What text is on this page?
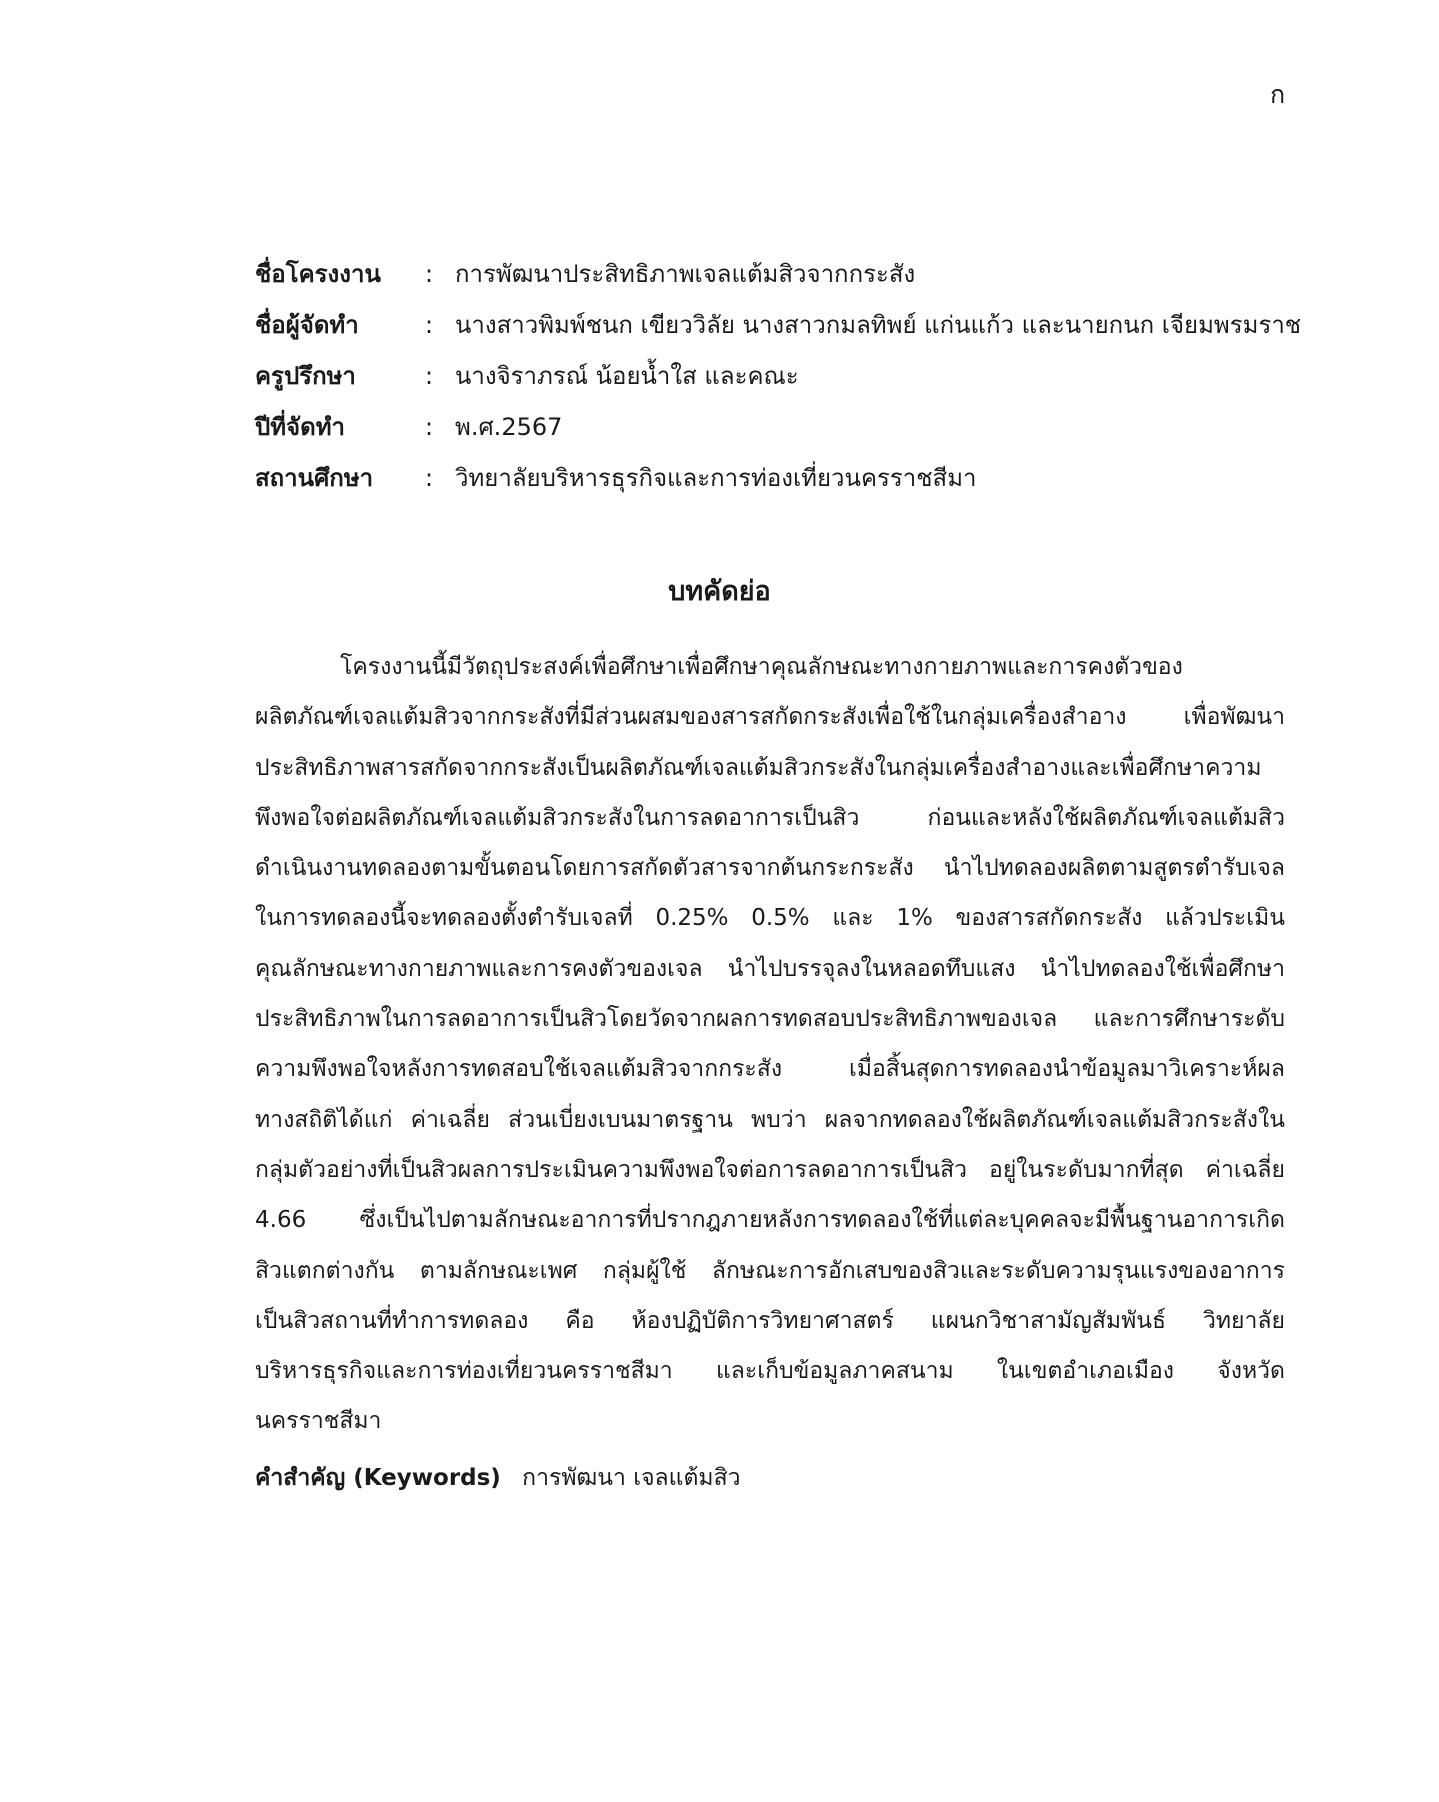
ก
ชื่อโครงงาน	: การพัฒนาประสิทธิภาพเจลแต้มสิวจากกระสัง
ชื่อผู้จัดทำ	: นางสาวพิมพ์ชนก เขียววิลัย นางสาวกมลทิพย์ แก่นแก้ว และนายกนก เจียมพรมราช
ครูปรึกษา	: นางจิราภรณ์ น้อยน้ำใส และคณะ
ปีที่จัดทำ	: พ.ศ.2567
สถานศึกษา	: วิทยาลัยบริหารธุรกิจและการท่องเที่ยวนครราชสีมา
บทคัดย่อ
โครงงานนี้มีวัตถุประสงค์เพื่อศึกษาเพื่อศึกษาคุณลักษณะทางกายภาพและการคงตัวของ
ผลิตภัณฑ์เจลแต้มสิวจากกระสังที่มีส่วนผสมของสารสกัดกระสังเพื่อใช้ในกลุ่มเครื่องสำอาง เพื่อพัฒนา
ประสิทธิภาพสารสกัดจากกระสังเป็นผลิตภัณฑ์เจลแต้มสิวกระสังในกลุ่มเครื่องสำอางและเพื่อศึกษาความ
พึงพอใจต่อผลิตภัณฑ์เจลแต้มสิวกระสังในการลดอาการเป็นสิว ก่อนและหลังใช้ผลิตภัณฑ์เจลแต้มสิว
ดำเนินงานทดลองตามขั้นตอนโดยการสกัดตัวสารจากต้นกระกระสัง นำไปทดลองผลิตตามสูตรตำรับเจล
ในการทดลองนี้จะทดลองตั้งตำรับเจลที่ 0.25% 0.5% และ 1% ของสารสกัดกระสัง แล้วประเมิน
คุณลักษณะทางกายภาพและการคงตัวของเจล นำไปบรรจุลงในหลอดทึบแสง นำไปทดลองใช้เพื่อศึกษา
ประสิทธิภาพในการลดอาการเป็นสิวโดยวัดจากผลการทดสอบประสิทธิภาพของเจล และการศึกษาระดับ
ความพึงพอใจหลังการทดสอบใช้เจลแต้มสิวจากกระสัง เมื่อสิ้นสุดการทดลองนำข้อมูลมาวิเคราะห์ผล
ทางสถิติได้แก่ ค่าเฉลี่ย ส่วนเบี่ยงเบนมาตรฐาน พบว่า ผลจากทดลองใช้ผลิตภัณฑ์เจลแต้มสิวกระสังใน
กลุ่มตัวอย่างที่เป็นสิวผลการประเมินความพึงพอใจต่อการลดอาการเป็นสิว อยู่ในระดับมากที่สุด ค่าเฉลี่ย
4.66 ซึ่งเป็นไปตามลักษณะอาการที่ปรากฎภายหลังการทดลองใช้ที่แต่ละบุคคลจะมีพื้นฐานอาการเกิด
สิวแตกต่างกัน ตามลักษณะเพศ กลุ่มผู้ใช้ ลักษณะการอักเสบของสิวและระดับความรุนแรงของอาการ
เป็นสิวสถานที่ทำการทดลอง คือ ห้องปฏิบัติการวิทยาศาสตร์ แผนกวิชาสามัญสัมพันธ์ วิทยาลัย
บริหารธุรกิจและการท่องเที่ยวนครราชสีมา และเก็บข้อมูลภาคสนาม ในเขตอำเภอเมือง จังหวัด
นครราชสีมา
คำสำคัญ (Keywords) การพัฒนา เจลแต้มสิว
